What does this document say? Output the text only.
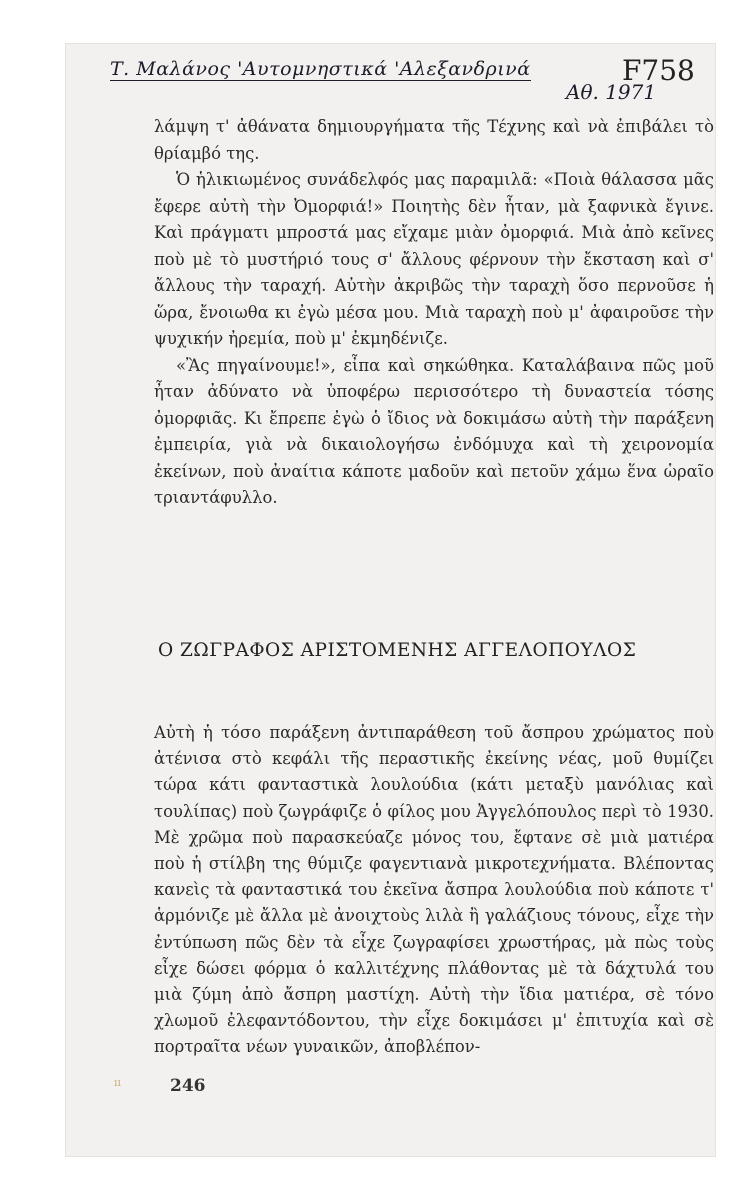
Τ. Μαλάνος 'Αυτομνηστικά 'Αλεξανδρινά	F758
Αθ. 1971

λάμψη τ' ἀθάνατα δημιουργήματα τῆς Τέχνης καὶ νὰ ἐπιβάλει τὸ θρίαμβό της.

Ὁ ἡλικιωμένος συνάδελφός μας παραμιλᾶ: «Ποιὰ θάλασσα μᾶς ἔφερε αὐτὴ τὴν Ὀμορφιά!» Ποιητὴς δὲν ἦταν, μὰ ξαφνικὰ ἔγινε. Καὶ πράγματι μπροστά μας εἴχαμε μιὰν ὀμορφιά. Μιὰ ἀπὸ κεῖνες ποὺ μὲ τὸ μυστήριό τους σ' ἄλλους φέρνουν τὴν ἔκσταση καὶ σ' ἄλλους τὴν ταραχή. Αὐτὴν ἀκριβῶς τὴν ταραχὴ ὅσο περνοῦσε ἡ ὥρα, ἔνοιωθα κι ἐγὼ μέσα μου. Μιὰ ταραχὴ ποὺ μ' ἀφαιροῦσε τὴν ψυχικήν ἠρεμία, ποὺ μ' ἐκμηδένιζε.

«Ἂς πηγαίνουμε!», εἶπα καὶ σηκώθηκα. Καταλάβαινα πῶς μοῦ ἦταν ἀδύνατο νὰ ὑποφέρω περισσότερο τὴ δυναστεία τόσης ὀμορφιᾶς. Κι ἔπρεπε ἐγὼ ὁ ἴδιος νὰ δοκιμάσω αὐτὴ τὴν παράξενη ἐμπειρία, γιὰ νὰ δικαιολογήσω ἐνδόμυχα καὶ τὴ χειρονομία ἐκείνων, ποὺ ἀναίτια κάποτε μαδοῦν καὶ πετοῦν χάμω ἕνα ὡραῖο τριαντάφυλλο.

Ο ΖΩΓΡΑΦΟΣ ΑΡΙΣΤΟΜΕΝΗΣ ΑΓΓΕΛΟΠΟΥΛΟΣ

Αὐτὴ ἡ τόσο παράξενη ἀντιπαράθεση τοῦ ἄσπρου χρώματος ποὺ ἀτένισα στὸ κεφάλι τῆς περαστικῆς ἐκείνης νέας, μοῦ θυμίζει τώρα κάτι φανταστικὰ λουλούδια (κάτι μεταξὺ μανόλιας καὶ τουλίπας) ποὺ ζωγράφιζε ὁ φίλος μου Ἀγγελόπουλος περὶ τὸ 1930. Μὲ χρῶμα ποὺ παρασκεύαζε μόνος του, ἔφτανε σὲ μιὰ ματιέρα ποὺ ἡ στίλβη της θύμιζε φαγεντιανὰ μικροτεχνήματα. Βλέποντας κανεὶς τὰ φανταστικά του ἐκεῖνα ἄσπρα λουλούδια ποὺ κάποτε τ' ἁρμόνιζε μὲ ἄλλα μὲ ἀνοιχτοὺς λιλὰ ἢ γαλάζιους τόνους, εἶχε τὴν ἐντύπωση πῶς δὲν τὰ εἶχε ζωγραφίσει χρωστήρας, μὰ πὼς τοὺς εἶχε δώσει φόρμα ὁ καλλιτέχνης πλάθοντας μὲ τὰ δάχτυλά του μιὰ ζύμη ἀπὸ ἄσπρη μαστίχη. Αὐτὴ τὴν ἴδια ματιέρα, σὲ τόνο χλωμοῦ ἐλεφαντόδοντου, τὴν εἶχε δοκιμάσει μ' ἐπιτυχία καὶ σὲ πορτραῖτα νέων γυναικῶν, ἀποβλέπον-

ıı	246
